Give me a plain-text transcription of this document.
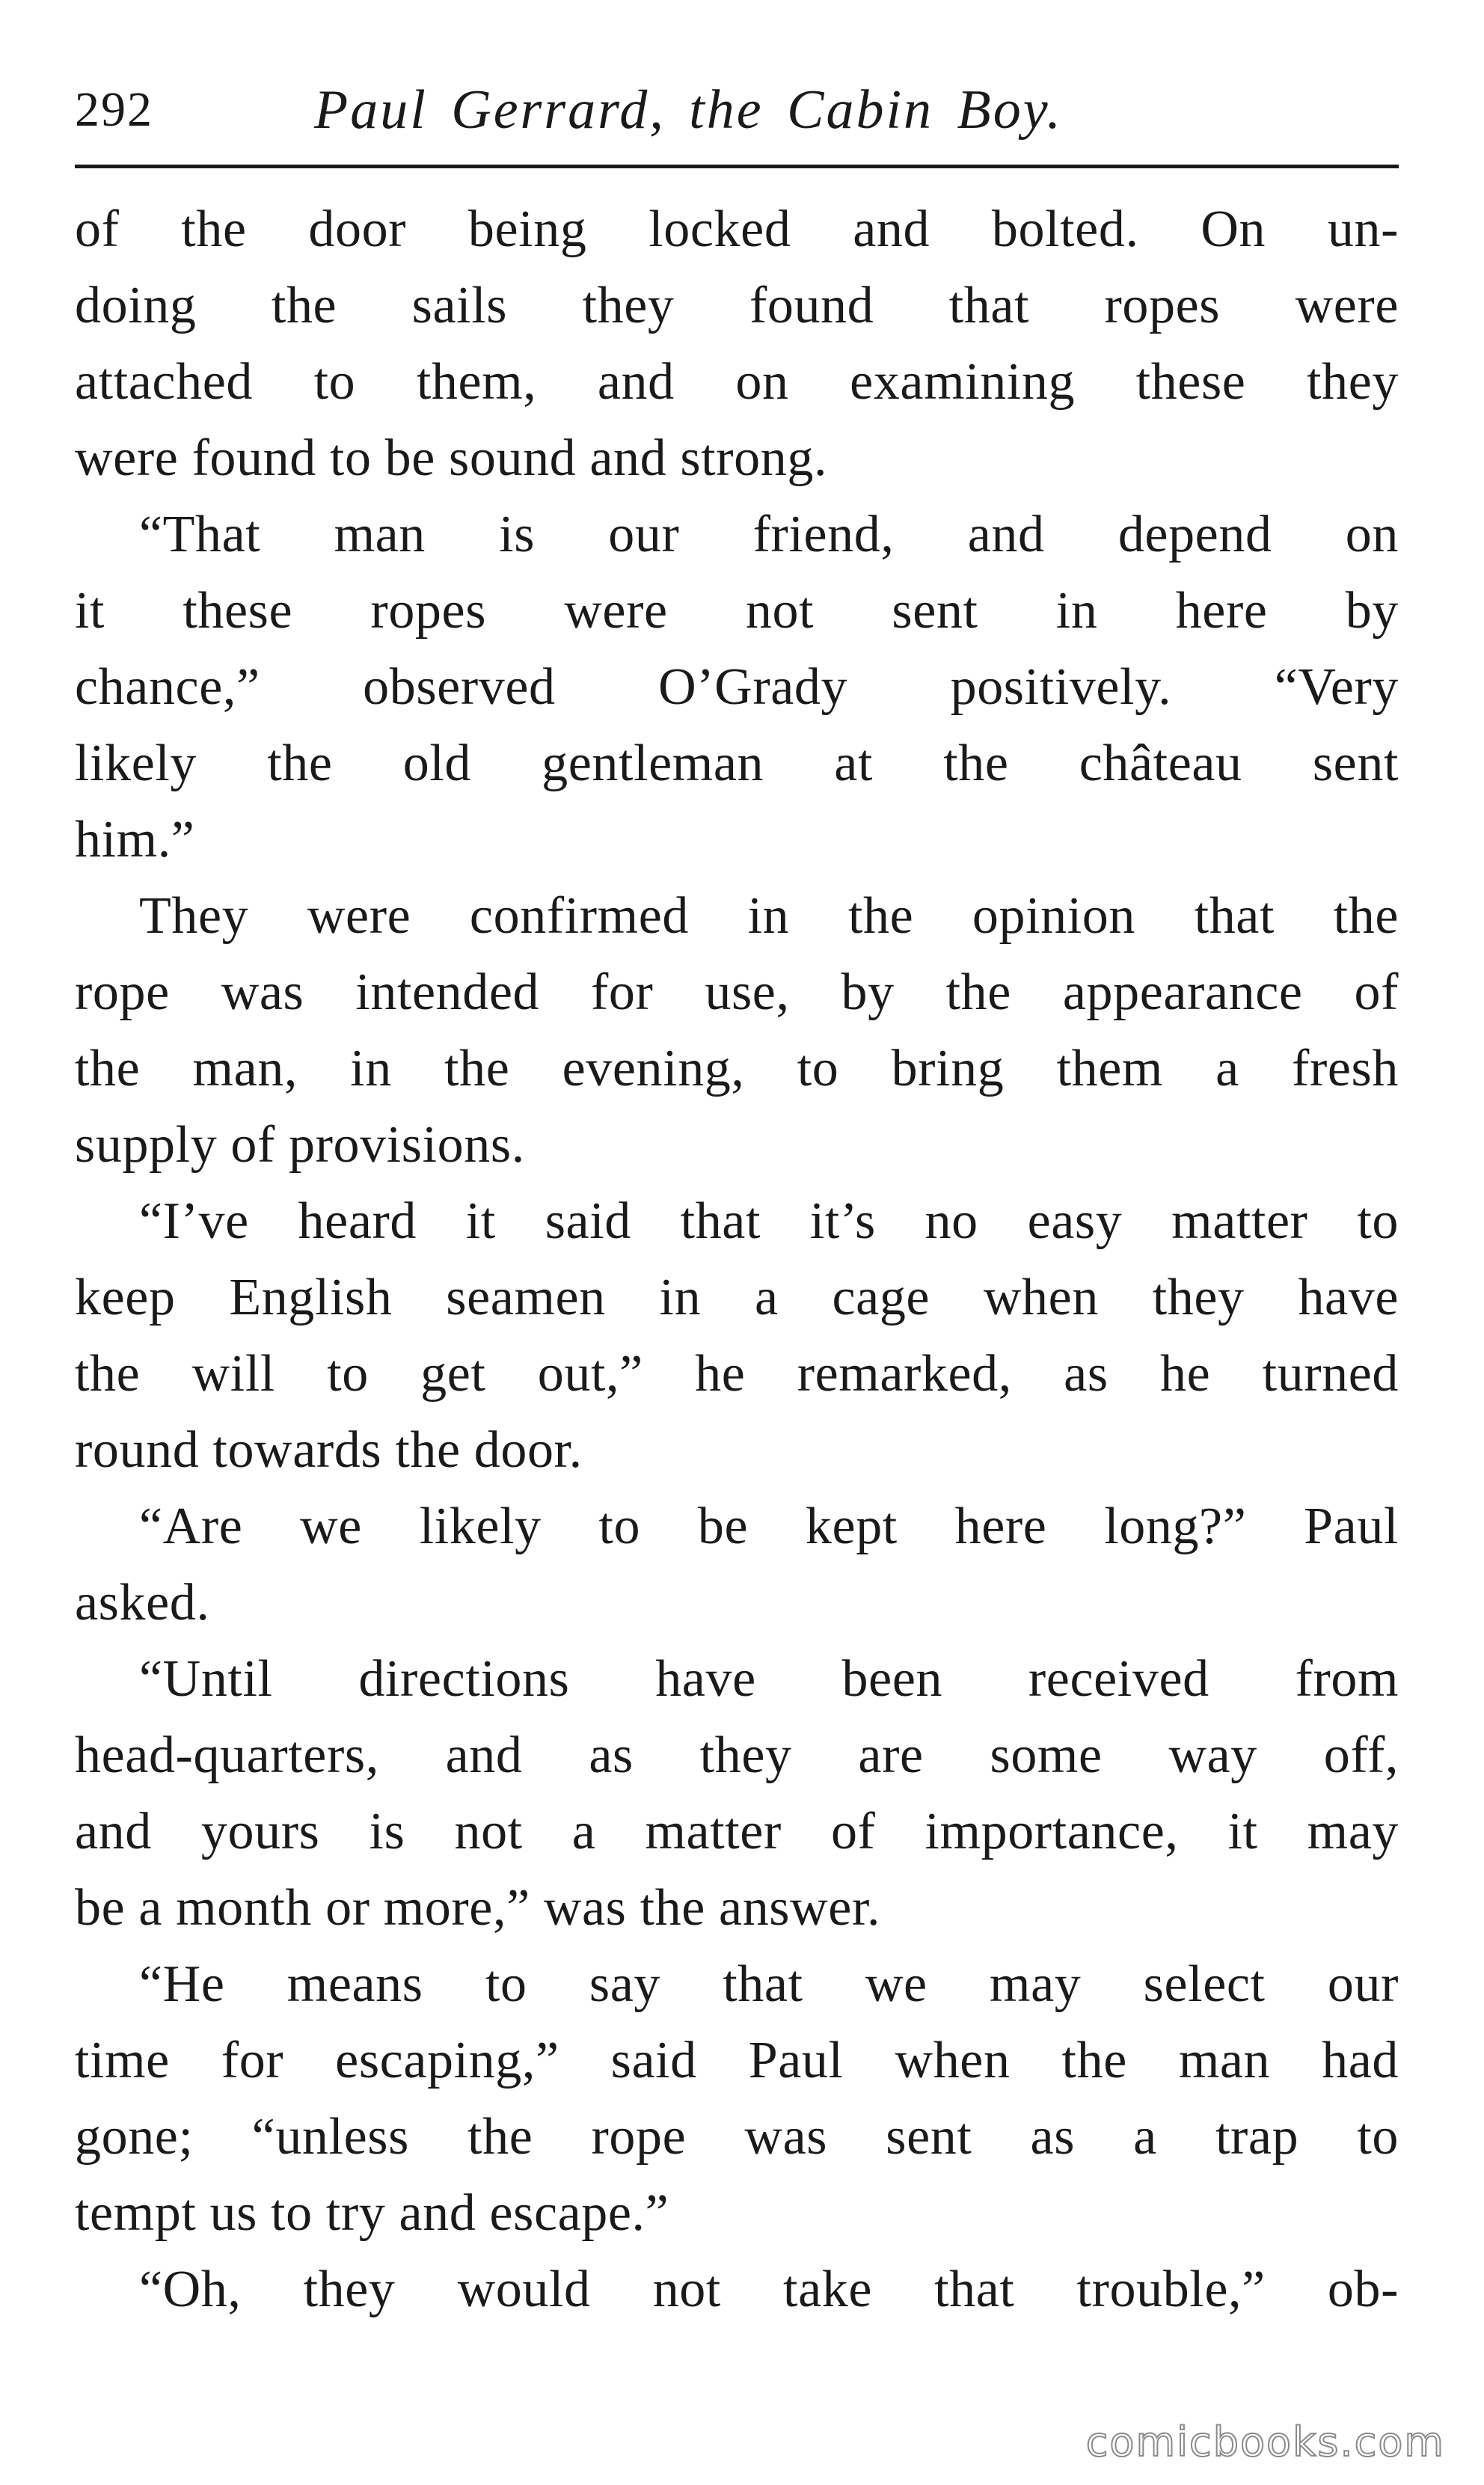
292	Paul Gerrard, the Cabin Boy.
of the door being locked and bolted. On un-
doing the sails they found that ropes were
attached to them, and on examining these they
were found to be sound and strong.
“That man is our friend, and depend on
it these ropes were not sent in here by
chance,” observed O’Grady positively. “Very
likely the old gentleman at the château sent
him.”
They were confirmed in the opinion that the
rope was intended for use, by the appearance of
the man, in the evening, to bring them a fresh
supply of provisions.
“I’ve heard it said that it’s no easy matter to
keep English seamen in a cage when they have
the will to get out,” he remarked, as he turned
round towards the door.
“Are we likely to be kept here long?” Paul
asked.
“Until directions have been received from
head-quarters, and as they are some way off,
and yours is not a matter of importance, it may
be a month or more,” was the answer.
“He means to say that we may select our
time for escaping,” said Paul when the man had
gone; “unless the rope was sent as a trap to
tempt us to try and escape.”
“Oh, they would not take that trouble,” ob-
comicbooks.com
